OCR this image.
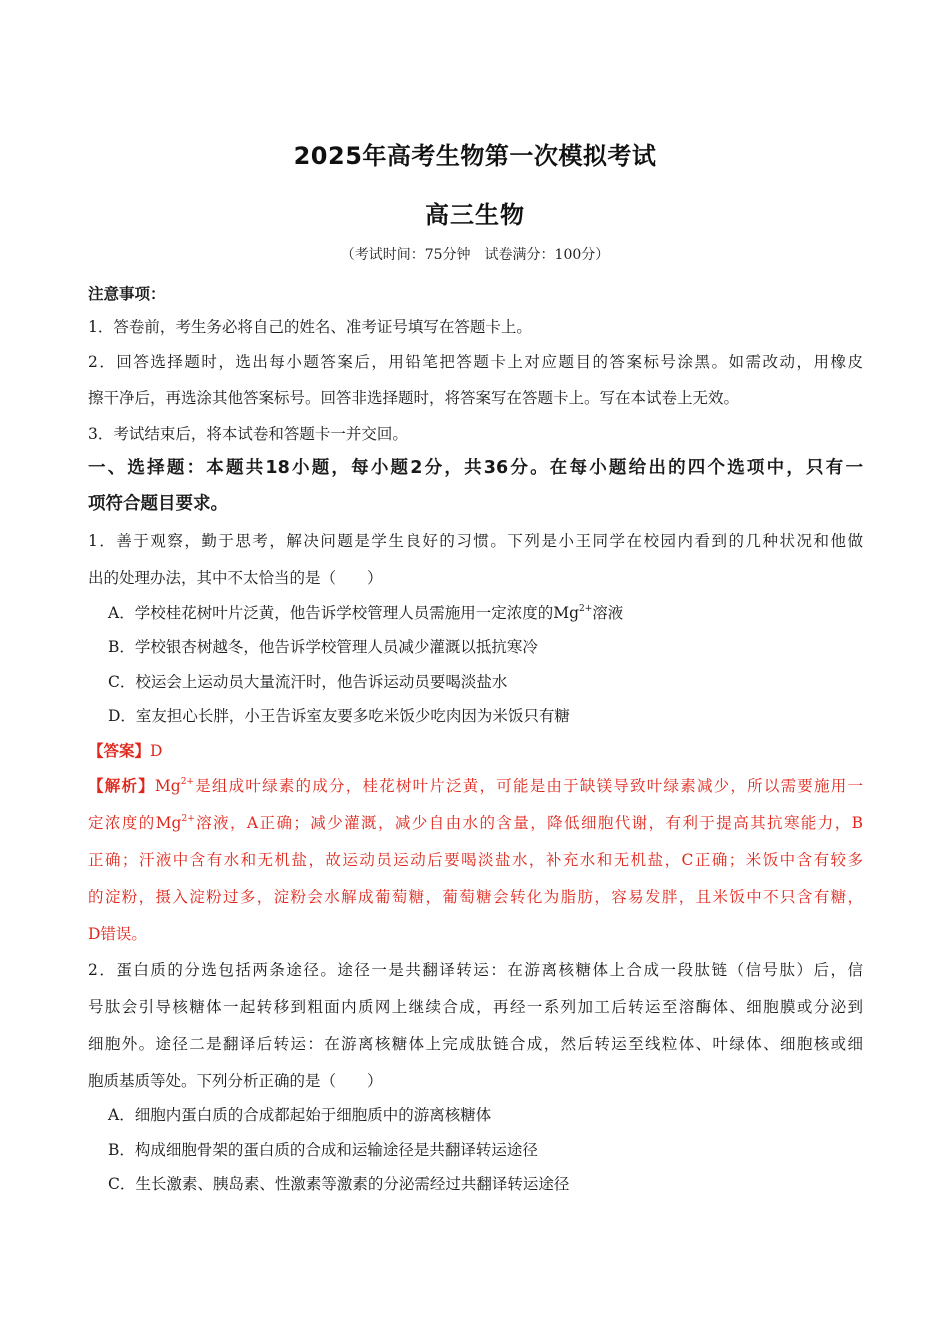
2025年高考生物第一次模拟考试
高三生物
（考试时间：75分钟　试卷满分：100分）
注意事项：
1．答卷前，考生务必将自己的姓名、准考证号填写在答题卡上。
2．回答选择题时，选出每小题答案后，用铅笔把答题卡上对应题目的答案标号涂黑。如需改动，用橡皮
擦干净后，再选涂其他答案标号。回答非选择题时，将答案写在答题卡上。写在本试卷上无效。
3．考试结束后，将本试卷和答题卡一并交回。
一、选择题：本题共18小题，每小题2分，共36分。在每小题给出的四个选项中，只有一
项符合题目要求。
1．善于观察，勤于思考，解决问题是学生良好的习惯。下列是小王同学在校园内看到的几种状况和他做
出的处理办法，其中不太恰当的是（　　）
A．学校桂花树叶片泛黄，他告诉学校管理人员需施用一定浓度的$Mg^{2+}$溶液
B．学校银杏树越冬，他告诉学校管理人员减少灌溉以抵抗寒冷
C．校运会上运动员大量流汗时，他告诉运动员要喝淡盐水
D．室友担心长胖，小王告诉室友要多吃米饭少吃肉因为米饭只有糖
【答案】D
【解析】$Mg^{2+}$是组成叶绿素的成分，桂花树叶片泛黄，可能是由于缺镁导致叶绿素减少，所以需要施用一
定浓度的$Mg^{2+}$溶液，A正确；减少灌溉，减少自由水的含量，降低细胞代谢，有利于提高其抗寒能力，B
正确；汗液中含有水和无机盐，故运动员运动后要喝淡盐水，补充水和无机盐，C正确；米饭中含有较多
的淀粉，摄入淀粉过多，淀粉会水解成葡萄糖，葡萄糖会转化为脂肪，容易发胖，且米饭中不只含有糖，
D错误。
2．蛋白质的分选包括两条途径。途径一是共翻译转运：在游离核糖体上合成一段肽链（信号肽）后，信
号肽会引导核糖体一起转移到粗面内质网上继续合成，再经一系列加工后转运至溶酶体、细胞膜或分泌到
细胞外。途径二是翻译后转运：在游离核糖体上完成肽链合成，然后转运至线粒体、叶绿体、细胞核或细
胞质基质等处。下列分析正确的是（　　）
A．细胞内蛋白质的合成都起始于细胞质中的游离核糖体
B．构成细胞骨架的蛋白质的合成和运输途径是共翻译转运途径
C．生长激素、胰岛素、性激素等激素的分泌需经过共翻译转运途径
